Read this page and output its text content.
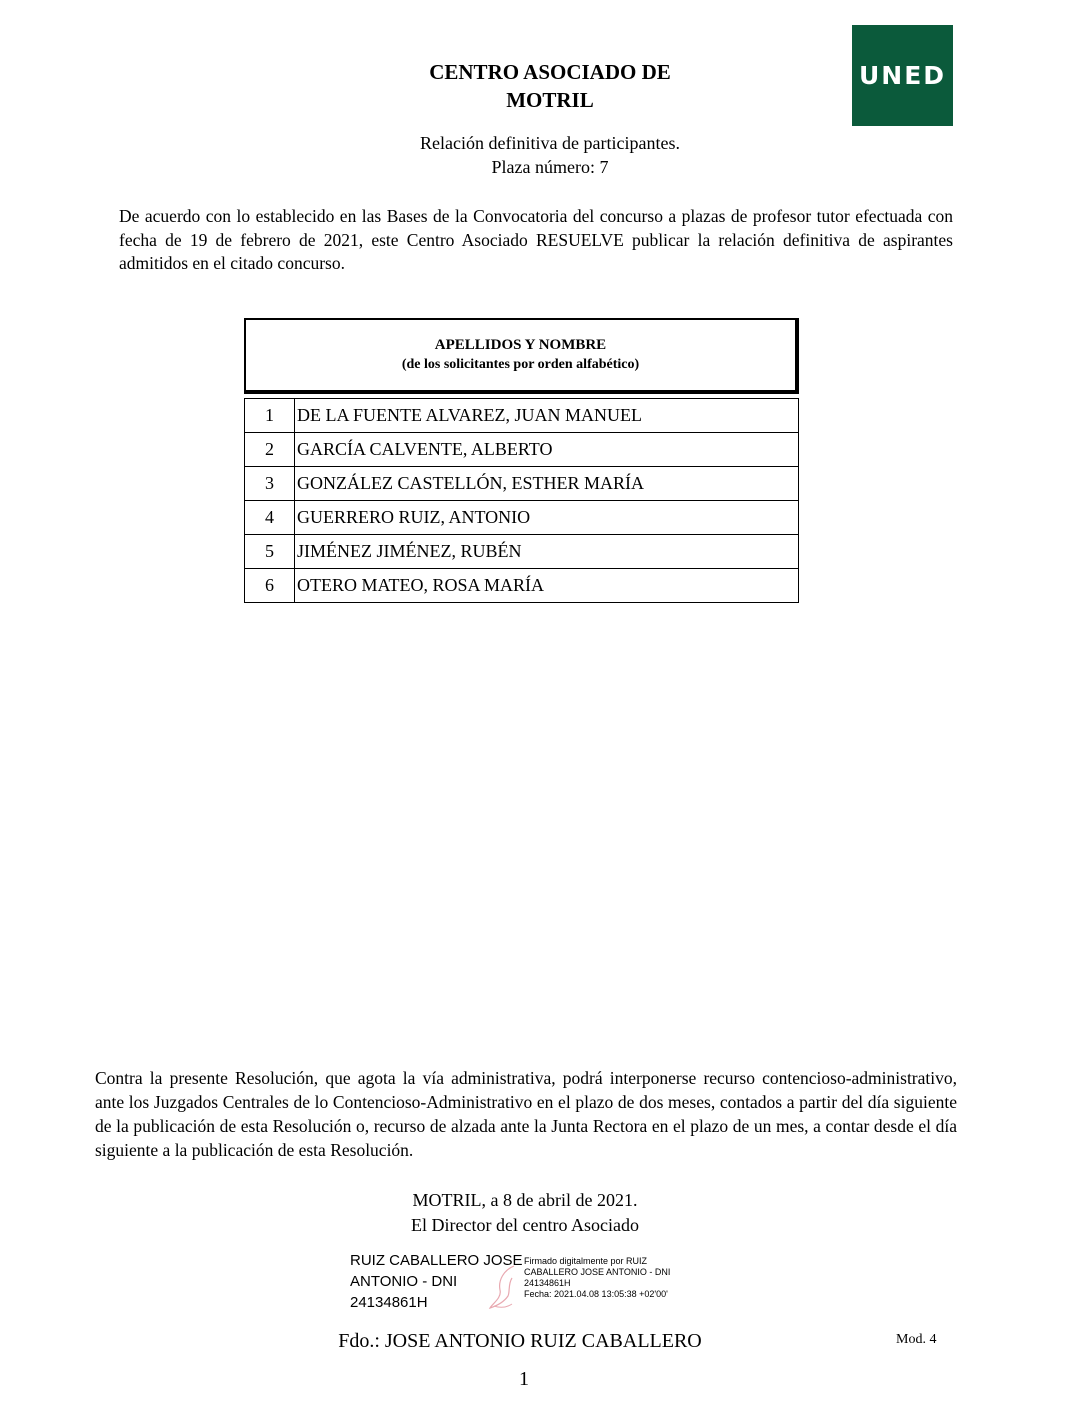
CENTRO ASOCIADO DE
MOTRIL
UNED
Relación definitiva de participantes.
Plaza número: 7
De acuerdo con lo establecido en las Bases de la Convocatoria del concurso a plazas de profesor tutor efectuada con fecha de 19 de febrero de 2021, este Centro Asociado RESUELVE publicar la relación definitiva de aspirantes admitidos en el citado concurso.
APELLIDOS Y NOMBRE
(de los solicitantes por orden alfabético)
1	DE LA FUENTE ALVAREZ, JUAN MANUEL
2	GARCÍA CALVENTE, ALBERTO
3	GONZÁLEZ CASTELLÓN, ESTHER MARÍA
4	GUERRERO RUIZ, ANTONIO
5	JIMÉNEZ JIMÉNEZ, RUBÉN
6	OTERO MATEO, ROSA MARÍA
Contra la presente Resolución, que agota la vía administrativa, podrá interponerse recurso contencioso-administrativo, ante los Juzgados Centrales de lo Contencioso-Administrativo en el plazo de dos meses, contados a partir del día siguiente de la publicación de esta Resolución o, recurso de alzada ante la Junta Rectora en el plazo de un mes, a contar desde el día siguiente a la publicación de esta Resolución.
MOTRIL, a 8 de abril de 2021.
El Director del centro Asociado
RUIZ CABALLERO JOSE
ANTONIO - DNI
24134861H
Firmado digitalmente por RUIZ
CABALLERO JOSE ANTONIO - DNI
24134861H
Fecha: 2021.04.08 13:05:38 +02'00'
Fdo.: JOSE ANTONIO RUIZ CABALLERO
1
Mod. 4
